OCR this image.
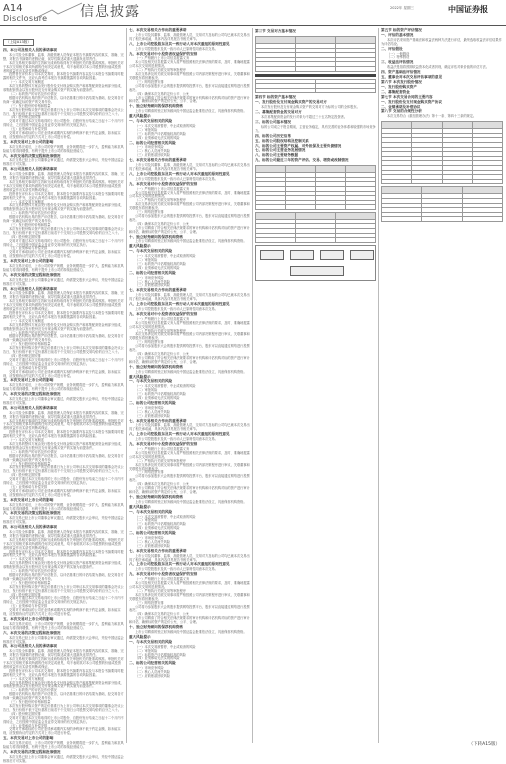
A14
Disclosure 信息披露	2022年 星期三	中国证券报
（上接A13版）

四、本公司及相关人员的承诺事项

本公司及全体董事、监事、高级管理人员保证本报告书摘要内容的真实、准确、完整，对报告书摘要的虚假记载、误导性陈述或重大遗漏负连带责任。

本次交易相关事项的生效和完成尚待取得有关审批机关的批准或核准。审批机关对于本次交易相关事项所做的任何决定或意见，均不表明其对本公司股票的价值或投资者的收益作出实质性判断或保证。

投资者在评价本公司本次交易时，除本报告书摘要内容以及与本报告书摘要同时披露的相关文件外，还应认真考虑本报告书摘要披露的各项风险因素。

（一）本次交易方案概述

本次交易的整体方案由发行股份及支付现金购买资产和募集配套资金两部分组成，募集配套资金以发行股份及支付现金购买资产的实施为前提条件。

（二）标的资产的评估及作价情况

根据评估机构出具的资产评估报告，以评估基准日的评估结果为基础，经交易各方协商一致确定标的资产的交易作价。

（三）发行股份的价格和数量

本次发行股份购买资产的定价基准日为上市公司审议本次交易事项的董事会决议公告日，发行价格不低于定价基准日前若干个交易日公司股票交易均价的百分之八十。

（四）股份锁定期安排

交易对方通过本次交易取得的上市公司股份，自股份发行结束之日起十二个月内不得转让，之后按照中国证监会及证券交易所的有关规定执行。

（五）业绩承诺与补偿安排

交易对方承诺标的公司在业绩承诺期内实现的净利润不低于约定金额，如未能实现，应按照协议约定的方式对上市公司进行补偿。

五、本次交易对上市公司的影响

本次交易完成后，上市公司的资产规模、业务规模将进一步扩大，盈利能力和抗风险能力将得到增强，有利于提升上市公司的持续经营能力。

六、本次交易的决策过程和批准情况

本次交易已经上市公司董事会审议通过，尚需提交股东大会审议，并经中国证监会核准后方可实施。

四、本公司及相关人员的承诺事项

本公司及全体董事、监事、高级管理人员保证本报告书摘要内容的真实、准确、完整，对报告书摘要的虚假记载、误导性陈述或重大遗漏负连带责任。

本次交易相关事项的生效和完成尚待取得有关审批机关的批准或核准。审批机关对于本次交易相关事项所做的任何决定或意见，均不表明其对本公司股票的价值或投资者的收益作出实质性判断或保证。

投资者在评价本公司本次交易时，除本报告书摘要内容以及与本报告书摘要同时披露的相关文件外，还应认真考虑本报告书摘要披露的各项风险因素。

（一）本次交易方案概述

本次交易的整体方案由发行股份及支付现金购买资产和募集配套资金两部分组成，募集配套资金以发行股份及支付现金购买资产的实施为前提条件。

（二）标的资产的评估及作价情况

根据评估机构出具的资产评估报告，以评估基准日的评估结果为基础，经交易各方协商一致确定标的资产的交易作价。

（三）发行股份的价格和数量

本次发行股份购买资产的定价基准日为上市公司审议本次交易事项的董事会决议公告日，发行价格不低于定价基准日前若干个交易日公司股票交易均价的百分之八十。

（四）股份锁定期安排

交易对方通过本次交易取得的上市公司股份，自股份发行结束之日起十二个月内不得转让，之后按照中国证监会及证券交易所的有关规定执行。

（五）业绩承诺与补偿安排

交易对方承诺标的公司在业绩承诺期内实现的净利润不低于约定金额，如未能实现，应按照协议约定的方式对上市公司进行补偿。

五、本次交易对上市公司的影响

本次交易完成后，上市公司的资产规模、业务规模将进一步扩大，盈利能力和抗风险能力将得到增强，有利于提升上市公司的持续经营能力。

六、本次交易的决策过程和批准情况

本次交易已经上市公司董事会审议通过，尚需提交股东大会审议，并经中国证监会核准后方可实施。

四、本公司及相关人员的承诺事项

本公司及全体董事、监事、高级管理人员保证本报告书摘要内容的真实、准确、完整，对报告书摘要的虚假记载、误导性陈述或重大遗漏负连带责任。

本次交易相关事项的生效和完成尚待取得有关审批机关的批准或核准。审批机关对于本次交易相关事项所做的任何决定或意见，均不表明其对本公司股票的价值或投资者的收益作出实质性判断或保证。

投资者在评价本公司本次交易时，除本报告书摘要内容以及与本报告书摘要同时披露的相关文件外，还应认真考虑本报告书摘要披露的各项风险因素。

（一）本次交易方案概述

本次交易的整体方案由发行股份及支付现金购买资产和募集配套资金两部分组成，募集配套资金以发行股份及支付现金购买资产的实施为前提条件。

（二）标的资产的评估及作价情况

根据评估机构出具的资产评估报告，以评估基准日的评估结果为基础，经交易各方协商一致确定标的资产的交易作价。

（三）发行股份的价格和数量

本次发行股份购买资产的定价基准日为上市公司审议本次交易事项的董事会决议公告日，发行价格不低于定价基准日前若干个交易日公司股票交易均价的百分之八十。

（四）股份锁定期安排

交易对方通过本次交易取得的上市公司股份，自股份发行结束之日起十二个月内不得转让，之后按照中国证监会及证券交易所的有关规定执行。

（五）业绩承诺与补偿安排

交易对方承诺标的公司在业绩承诺期内实现的净利润不低于约定金额，如未能实现，应按照协议约定的方式对上市公司进行补偿。

五、本次交易对上市公司的影响

本次交易完成后，上市公司的资产规模、业务规模将进一步扩大，盈利能力和抗风险能力将得到增强，有利于提升上市公司的持续经营能力。

六、本次交易的决策过程和批准情况

本次交易已经上市公司董事会审议通过，尚需提交股东大会审议，并经中国证监会核准后方可实施。

四、本公司及相关人员的承诺事项

本公司及全体董事、监事、高级管理人员保证本报告书摘要内容的真实、准确、完整，对报告书摘要的虚假记载、误导性陈述或重大遗漏负连带责任。

本次交易相关事项的生效和完成尚待取得有关审批机关的批准或核准。审批机关对于本次交易相关事项所做的任何决定或意见，均不表明其对本公司股票的价值或投资者的收益作出实质性判断或保证。

投资者在评价本公司本次交易时，除本报告书摘要内容以及与本报告书摘要同时披露的相关文件外，还应认真考虑本报告书摘要披露的各项风险因素。

（一）本次交易方案概述

本次交易的整体方案由发行股份及支付现金购买资产和募集配套资金两部分组成，募集配套资金以发行股份及支付现金购买资产的实施为前提条件。

（二）标的资产的评估及作价情况

根据评估机构出具的资产评估报告，以评估基准日的评估结果为基础，经交易各方协商一致确定标的资产的交易作价。

（三）发行股份的价格和数量

本次发行股份购买资产的定价基准日为上市公司审议本次交易事项的董事会决议公告日，发行价格不低于定价基准日前若干个交易日公司股票交易均价的百分之八十。

（四）股份锁定期安排

交易对方通过本次交易取得的上市公司股份，自股份发行结束之日起十二个月内不得转让，之后按照中国证监会及证券交易所的有关规定执行。

（五）业绩承诺与补偿安排

交易对方承诺标的公司在业绩承诺期内实现的净利润不低于约定金额，如未能实现，应按照协议约定的方式对上市公司进行补偿。

五、本次交易对上市公司的影响

本次交易完成后，上市公司的资产规模、业务规模将进一步扩大，盈利能力和抗风险能力将得到增强，有利于提升上市公司的持续经营能力。

六、本次交易的决策过程和批准情况

本次交易已经上市公司董事会审议通过，尚需提交股东大会审议，并经中国证监会核准后方可实施。

四、本公司及相关人员的承诺事项

本公司及全体董事、监事、高级管理人员保证本报告书摘要内容的真实、准确、完整，对报告书摘要的虚假记载、误导性陈述或重大遗漏负连带责任。

本次交易相关事项的生效和完成尚待取得有关审批机关的批准或核准。审批机关对于本次交易相关事项所做的任何决定或意见，均不表明其对本公司股票的价值或投资者的收益作出实质性判断或保证。

投资者在评价本公司本次交易时，除本报告书摘要内容以及与本报告书摘要同时披露的相关文件外，还应认真考虑本报告书摘要披露的各项风险因素。

（一）本次交易方案概述

本次交易的整体方案由发行股份及支付现金购买资产和募集配套资金两部分组成，募集配套资金以发行股份及支付现金购买资产的实施为前提条件。

（二）标的资产的评估及作价情况

根据评估机构出具的资产评估报告，以评估基准日的评估结果为基础，经交易各方协商一致确定标的资产的交易作价。

（三）发行股份的价格和数量

本次发行股份购买资产的定价基准日为上市公司审议本次交易事项的董事会决议公告日，发行价格不低于定价基准日前若干个交易日公司股票交易均价的百分之八十。

（四）股份锁定期安排

交易对方通过本次交易取得的上市公司股份，自股份发行结束之日起十二个月内不得转让，之后按照中国证监会及证券交易所的有关规定执行。

（五）业绩承诺与补偿安排

交易对方承诺标的公司在业绩承诺期内实现的净利润不低于约定金额，如未能实现，应按照协议约定的方式对上市公司进行补偿。

五、本次交易对上市公司的影响

本次交易完成后，上市公司的资产规模、业务规模将进一步扩大，盈利能力和抗风险能力将得到增强，有利于提升上市公司的持续经营能力。

六、本次交易的决策过程和批准情况

本次交易已经上市公司董事会审议通过，尚需提交股东大会审议，并经中国证监会核准后方可实施。

四、本公司及相关人员的承诺事项

本公司及全体董事、监事、高级管理人员保证本报告书摘要内容的真实、准确、完整，对报告书摘要的虚假记载、误导性陈述或重大遗漏负连带责任。

本次交易相关事项的生效和完成尚待取得有关审批机关的批准或核准。审批机关对于本次交易相关事项所做的任何决定或意见，均不表明其对本公司股票的价值或投资者的收益作出实质性判断或保证。

投资者在评价本公司本次交易时，除本报告书摘要内容以及与本报告书摘要同时披露的相关文件外，还应认真考虑本报告书摘要披露的各项风险因素。

（一）本次交易方案概述

本次交易的整体方案由发行股份及支付现金购买资产和募集配套资金两部分组成，募集配套资金以发行股份及支付现金购买资产的实施为前提条件。

（二）标的资产的评估及作价情况

根据评估机构出具的资产评估报告，以评估基准日的评估结果为基础，经交易各方协商一致确定标的资产的交易作价。

（三）发行股份的价格和数量

本次发行股份购买资产的定价基准日为上市公司审议本次交易事项的董事会决议公告日，发行价格不低于定价基准日前若干个交易日公司股票交易均价的百分之八十。

（四）股份锁定期安排

交易对方通过本次交易取得的上市公司股份，自股份发行结束之日起十二个月内不得转让，之后按照中国证监会及证券交易所的有关规定执行。

（五）业绩承诺与补偿安排

交易对方承诺标的公司在业绩承诺期内实现的净利润不低于约定金额，如未能实现，应按照协议约定的方式对上市公司进行补偿。

五、本次交易对上市公司的影响

本次交易完成后，上市公司的资产规模、业务规模将进一步扩大，盈利能力和抗风险能力将得到增强，有利于提升上市公司的持续经营能力。

六、本次交易的决策过程和批准情况

本次交易已经上市公司董事会审议通过，尚需提交股东大会审议，并经中国证监会核准后方可实施。

七、本次交易相关方作出的重要承诺

上市公司及其董事、监事、高级管理人员，交易对方及标的公司均已就本次交易出具了相关承诺函，具体内容详见报告书相关章节。

八、上市公司控股股东及其一致行动人对本次重组的原则性意见

上市公司控股股东及其一致行动人已原则性同意本次交易。

九、本次交易对中小投资者权益保护的安排

（一）严格履行上市公司信息披露义务

本公司及相关信息披露义务人将严格按照相关法律法规的要求，及时、准确地披露公司本次交易的进展情况。

（二）严格执行关联交易等审批程序

本次交易涉及的关联交易事项将严格按照公司内部决策程序进行审议，关联董事和关联股东将回避表决。

（三）网络投票安排

公司将为参加股东大会的股东提供网络投票平台，股东可以直接通过网络进行投票表决。

（四）确保本次交易的定价公平、公允

上市公司聘请了符合相关法律法规要求的审计机构和评估机构对标的资产进行审计和评估，确保标的资产的定价公允、公平、合理。

十、独立财务顾问的保荐机构资格

上市公司聘请的独立财务顾问经中国证监会批准依法设立，具备保荐机构资格。

重大风险提示

一、与本次交易相关的风险

（一）本次交易被暂停、中止或取消的风险

（二）审批风险

（三）标的资产评估增值较高的风险

（四）业绩承诺无法实现的风险

二、标的公司经营相关的风险

（一）市场竞争风险

（二）核心人员流失风险

（三）应收账款回收风险

七、本次交易相关方作出的重要承诺

上市公司及其董事、监事、高级管理人员，交易对方及标的公司均已就本次交易出具了相关承诺函，具体内容详见报告书相关章节。

八、上市公司控股股东及其一致行动人对本次重组的原则性意见

上市公司控股股东及其一致行动人已原则性同意本次交易。

九、本次交易对中小投资者权益保护的安排

（一）严格履行上市公司信息披露义务

本公司及相关信息披露义务人将严格按照相关法律法规的要求，及时、准确地披露公司本次交易的进展情况。

（二）严格执行关联交易等审批程序

本次交易涉及的关联交易事项将严格按照公司内部决策程序进行审议，关联董事和关联股东将回避表决。

（三）网络投票安排

公司将为参加股东大会的股东提供网络投票平台，股东可以直接通过网络进行投票表决。

（四）确保本次交易的定价公平、公允

上市公司聘请了符合相关法律法规要求的审计机构和评估机构对标的资产进行审计和评估，确保标的资产的定价公允、公平、合理。

十、独立财务顾问的保荐机构资格

上市公司聘请的独立财务顾问经中国证监会批准依法设立，具备保荐机构资格。

重大风险提示

一、与本次交易相关的风险

（一）本次交易被暂停、中止或取消的风险

（二）审批风险

（三）标的资产评估增值较高的风险

（四）业绩承诺无法实现的风险

二、标的公司经营相关的风险

（一）市场竞争风险

（二）核心人员流失风险

（三）应收账款回收风险

七、本次交易相关方作出的重要承诺

上市公司及其董事、监事、高级管理人员，交易对方及标的公司均已就本次交易出具了相关承诺函，具体内容详见报告书相关章节。

八、上市公司控股股东及其一致行动人对本次重组的原则性意见

上市公司控股股东及其一致行动人已原则性同意本次交易。

九、本次交易对中小投资者权益保护的安排

（一）严格履行上市公司信息披露义务

本公司及相关信息披露义务人将严格按照相关法律法规的要求，及时、准确地披露公司本次交易的进展情况。

（二）严格执行关联交易等审批程序

本次交易涉及的关联交易事项将严格按照公司内部决策程序进行审议，关联董事和关联股东将回避表决。

（三）网络投票安排

公司将为参加股东大会的股东提供网络投票平台，股东可以直接通过网络进行投票表决。

（四）确保本次交易的定价公平、公允

上市公司聘请了符合相关法律法规要求的审计机构和评估机构对标的资产进行审计和评估，确保标的资产的定价公允、公平、合理。

十、独立财务顾问的保荐机构资格

上市公司聘请的独立财务顾问经中国证监会批准依法设立，具备保荐机构资格。

重大风险提示

一、与本次交易相关的风险

（一）本次交易被暂停、中止或取消的风险

（二）审批风险

（三）标的资产评估增值较高的风险

（四）业绩承诺无法实现的风险

二、标的公司经营相关的风险

（一）市场竞争风险

（二）核心人员流失风险

（三）应收账款回收风险

七、本次交易相关方作出的重要承诺

上市公司及其董事、监事、高级管理人员，交易对方及标的公司均已就本次交易出具了相关承诺函，具体内容详见报告书相关章节。

八、上市公司控股股东及其一致行动人对本次重组的原则性意见

上市公司控股股东及其一致行动人已原则性同意本次交易。

九、本次交易对中小投资者权益保护的安排

（一）严格履行上市公司信息披露义务

本公司及相关信息披露义务人将严格按照相关法律法规的要求，及时、准确地披露公司本次交易的进展情况。

（二）严格执行关联交易等审批程序

本次交易涉及的关联交易事项将严格按照公司内部决策程序进行审议，关联董事和关联股东将回避表决。

（三）网络投票安排

公司将为参加股东大会的股东提供网络投票平台，股东可以直接通过网络进行投票表决。

（四）确保本次交易的定价公平、公允

上市公司聘请了符合相关法律法规要求的审计机构和评估机构对标的资产进行审计和评估，确保标的资产的定价公允、公平、合理。

十、独立财务顾问的保荐机构资格

上市公司聘请的独立财务顾问经中国证监会批准依法设立，具备保荐机构资格。

重大风险提示

一、与本次交易相关的风险

（一）本次交易被暂停、中止或取消的风险

（二）审批风险

（三）标的资产评估增值较高的风险

（四）业绩承诺无法实现的风险

二、标的公司经营相关的风险

（一）市场竞争风险

（二）核心人员流失风险

（三）应收账款回收风险

七、本次交易相关方作出的重要承诺

上市公司及其董事、监事、高级管理人员，交易对方及标的公司均已就本次交易出具了相关承诺函，具体内容详见报告书相关章节。

八、上市公司控股股东及其一致行动人对本次重组的原则性意见

上市公司控股股东及其一致行动人已原则性同意本次交易。

九、本次交易对中小投资者权益保护的安排

（一）严格履行上市公司信息披露义务

本公司及相关信息披露义务人将严格按照相关法律法规的要求，及时、准确地披露公司本次交易的进展情况。

（二）严格执行关联交易等审批程序

本次交易涉及的关联交易事项将严格按照公司内部决策程序进行审议，关联董事和关联股东将回避表决。

（三）网络投票安排

公司将为参加股东大会的股东提供网络投票平台，股东可以直接通过网络进行投票表决。

（四）确保本次交易的定价公平、公允

上市公司聘请了符合相关法律法规要求的审计机构和评估机构对标的资产进行审计和评估，确保标的资产的定价公允、公平、合理。

十、独立财务顾问的保荐机构资格

上市公司聘请的独立财务顾问经中国证监会批准依法设立，具备保荐机构资格。

重大风险提示

一、与本次交易相关的风险

（一）本次交易被暂停、中止或取消的风险

（二）审批风险

（三）标的资产评估增值较高的风险

（四）业绩承诺无法实现的风险

二、标的公司经营相关的风险

（一）市场竞争风险

（二）核心人员流失风险

（三）应收账款回收风险

第三节 交易对方基本情况

第四节 标的资产基本情况

一、发行股份及支付现金购买资产的交易对方

本次发行股份及支付现金购买资产的交易对方为标的公司的全体股东。

二、募集配套资金的交易对方

本次募集配套资金的发行对象为不超过三十五名特定投资者。

三、标的公司基本情况

标的公司成立于报告期前，主营业务稳定，具有完善的业务体系和较强的市场竞争力。

四、标的公司历史沿革

五、标的公司股权结构及控制关系

六、标的公司主要资产权属、对外担保及主要负债情况

七、标的公司主营业务发展情况

八、标的公司主要财务数据

九、标的公司最近三年的资产评估、交易、增资或改制情况

第五节 标的资产评估情况

一、评估的基本情况

本次评估采用资产基础法和收益法两种方法进行评估，最终选取收益法评估结果作为评估结论。

二、评估假设

（一）一般假设

（二）特殊假设

三、收益法评估情况

收益法是指将预期收益资本化或者折现，确定评估对象价值的评估方法。

四、资产基础法评估情况

五、董事会对本次交易评估事项的意见

第六节 本次发行股份情况

一、发行股份购买资产

二、募集配套资金

第七节 本次交易合同的主要内容

一、发行股份及支付现金购买资产协议

二、业绩承诺及补偿协议

第八节 交易的合规性分析

本次交易符合《重组管理办法》第十一条、第四十三条的规定。

（下转A15版）
